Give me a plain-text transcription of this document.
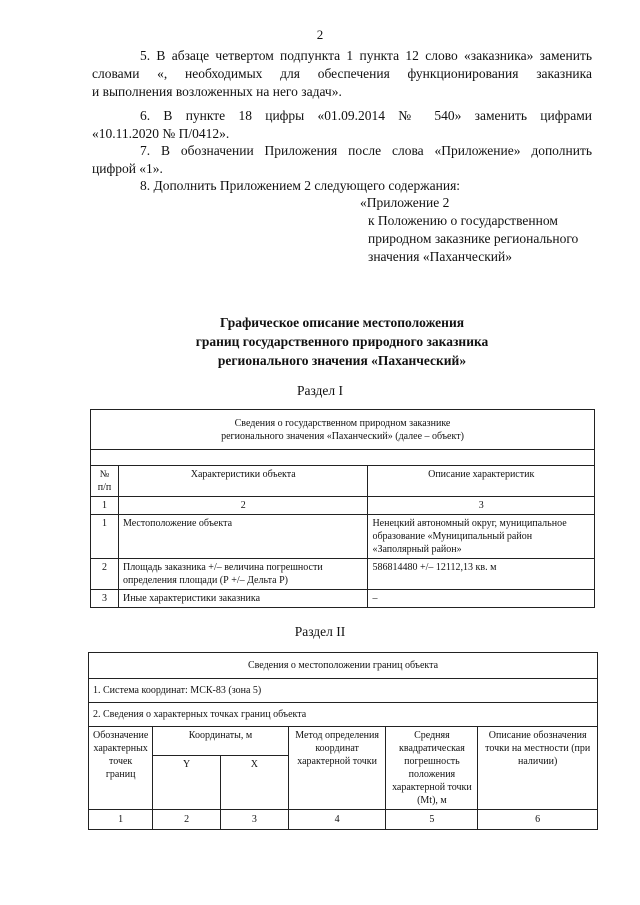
2
5. В абзаце четвертом подпункта 1 пункта 12 слово «заказника» заменить
словами «, необходимых для обеспечения функционирования заказника
и выполнения возложенных на него задач».
6. В пункте 18 цифры «01.09.2014 № 540» заменить цифрами
«10.11.2020 № П/0412».
7. В обозначении Приложения после слова «Приложение» дополнить
цифрой «1».
8. Дополнить Приложением 2 следующего содержания:
«Приложение 2
к Положению о государственном
природном заказнике регионального
значения «Паханческий»
Графическое описание местоположения
границ государственного природного заказника
регионального значения «Паханческий»
Раздел I
Сведения о государственном природном заказнике
регионального значения «Паханческий» (далее – объект)		

№ п/п	Характеристики объекта	Описание характеристик
1	2	3
1	Местоположение объекта	Ненецкий автономный округ, муниципальное образование «Муниципальный район «Заполярный район»
2	Площадь заказника +/– величина погрешности определения площади (Р +/– Дельта Р)	586814480 +/– 12112,13 кв. м
3	Иные характеристики заказника	–
Раздел II
Сведения о местоположении границ объекта					
1. Система координат: МСК-83 (зона 5)					
2. Сведения о характерных точках границ объекта					
Обозначение характерных точек границ	Координаты, м		Метод определения координат характерной точки	Средняя квадратическая погрешность положения характерной точки (Mt), м	Описание обозначения точки на местности (при наличии)
	Y	X			
1	2	3	4	5	6
